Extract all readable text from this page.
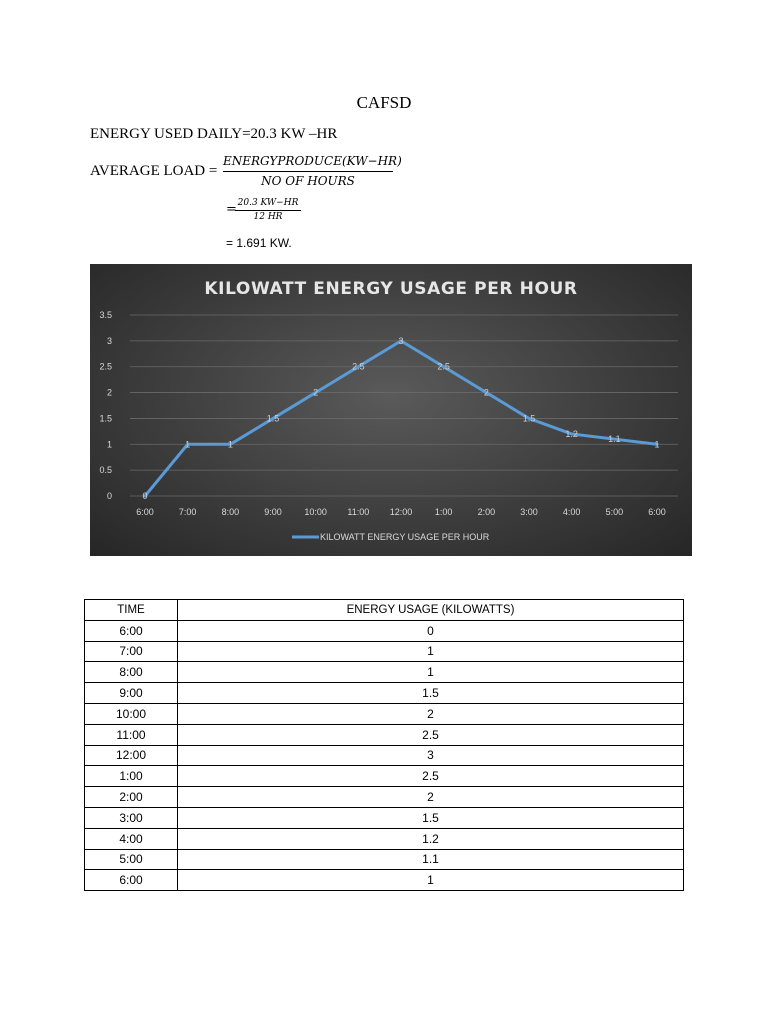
CAFSD
ENERGY USED DAILY=20.3 KW –HR
AVERAGE LOAD =
ENERGYPRODUCE(KW−HR)
NO OF HOURS
= 20.3 KW−HR
12 HR
= 1.691 KW.
KILOWATT ENERGY USAGE PER HOUR
0
0.5
1
1.5
2
2.5
3
3.5
6:00	7:00	8:00	9:00	10:00 11:00 12:00	1:00	2:00	3:00	4:00	5:00	6:00
0
1	1
1.5
2
2.5
3
2.5
2
1.5
1.2
1.1
1
KILOWATT ENERGY USAGE PER HOUR
TIME	ENERGY USAGE (KILOWATTS)
6:00	0
7:00	1
8:00	1
9:00	1.5
10:00	2
11:00	2.5
12:00	3
1:00	2.5
2:00	2
3:00	1.5
4:00	1.2
5:00	1.1
6:00	1
